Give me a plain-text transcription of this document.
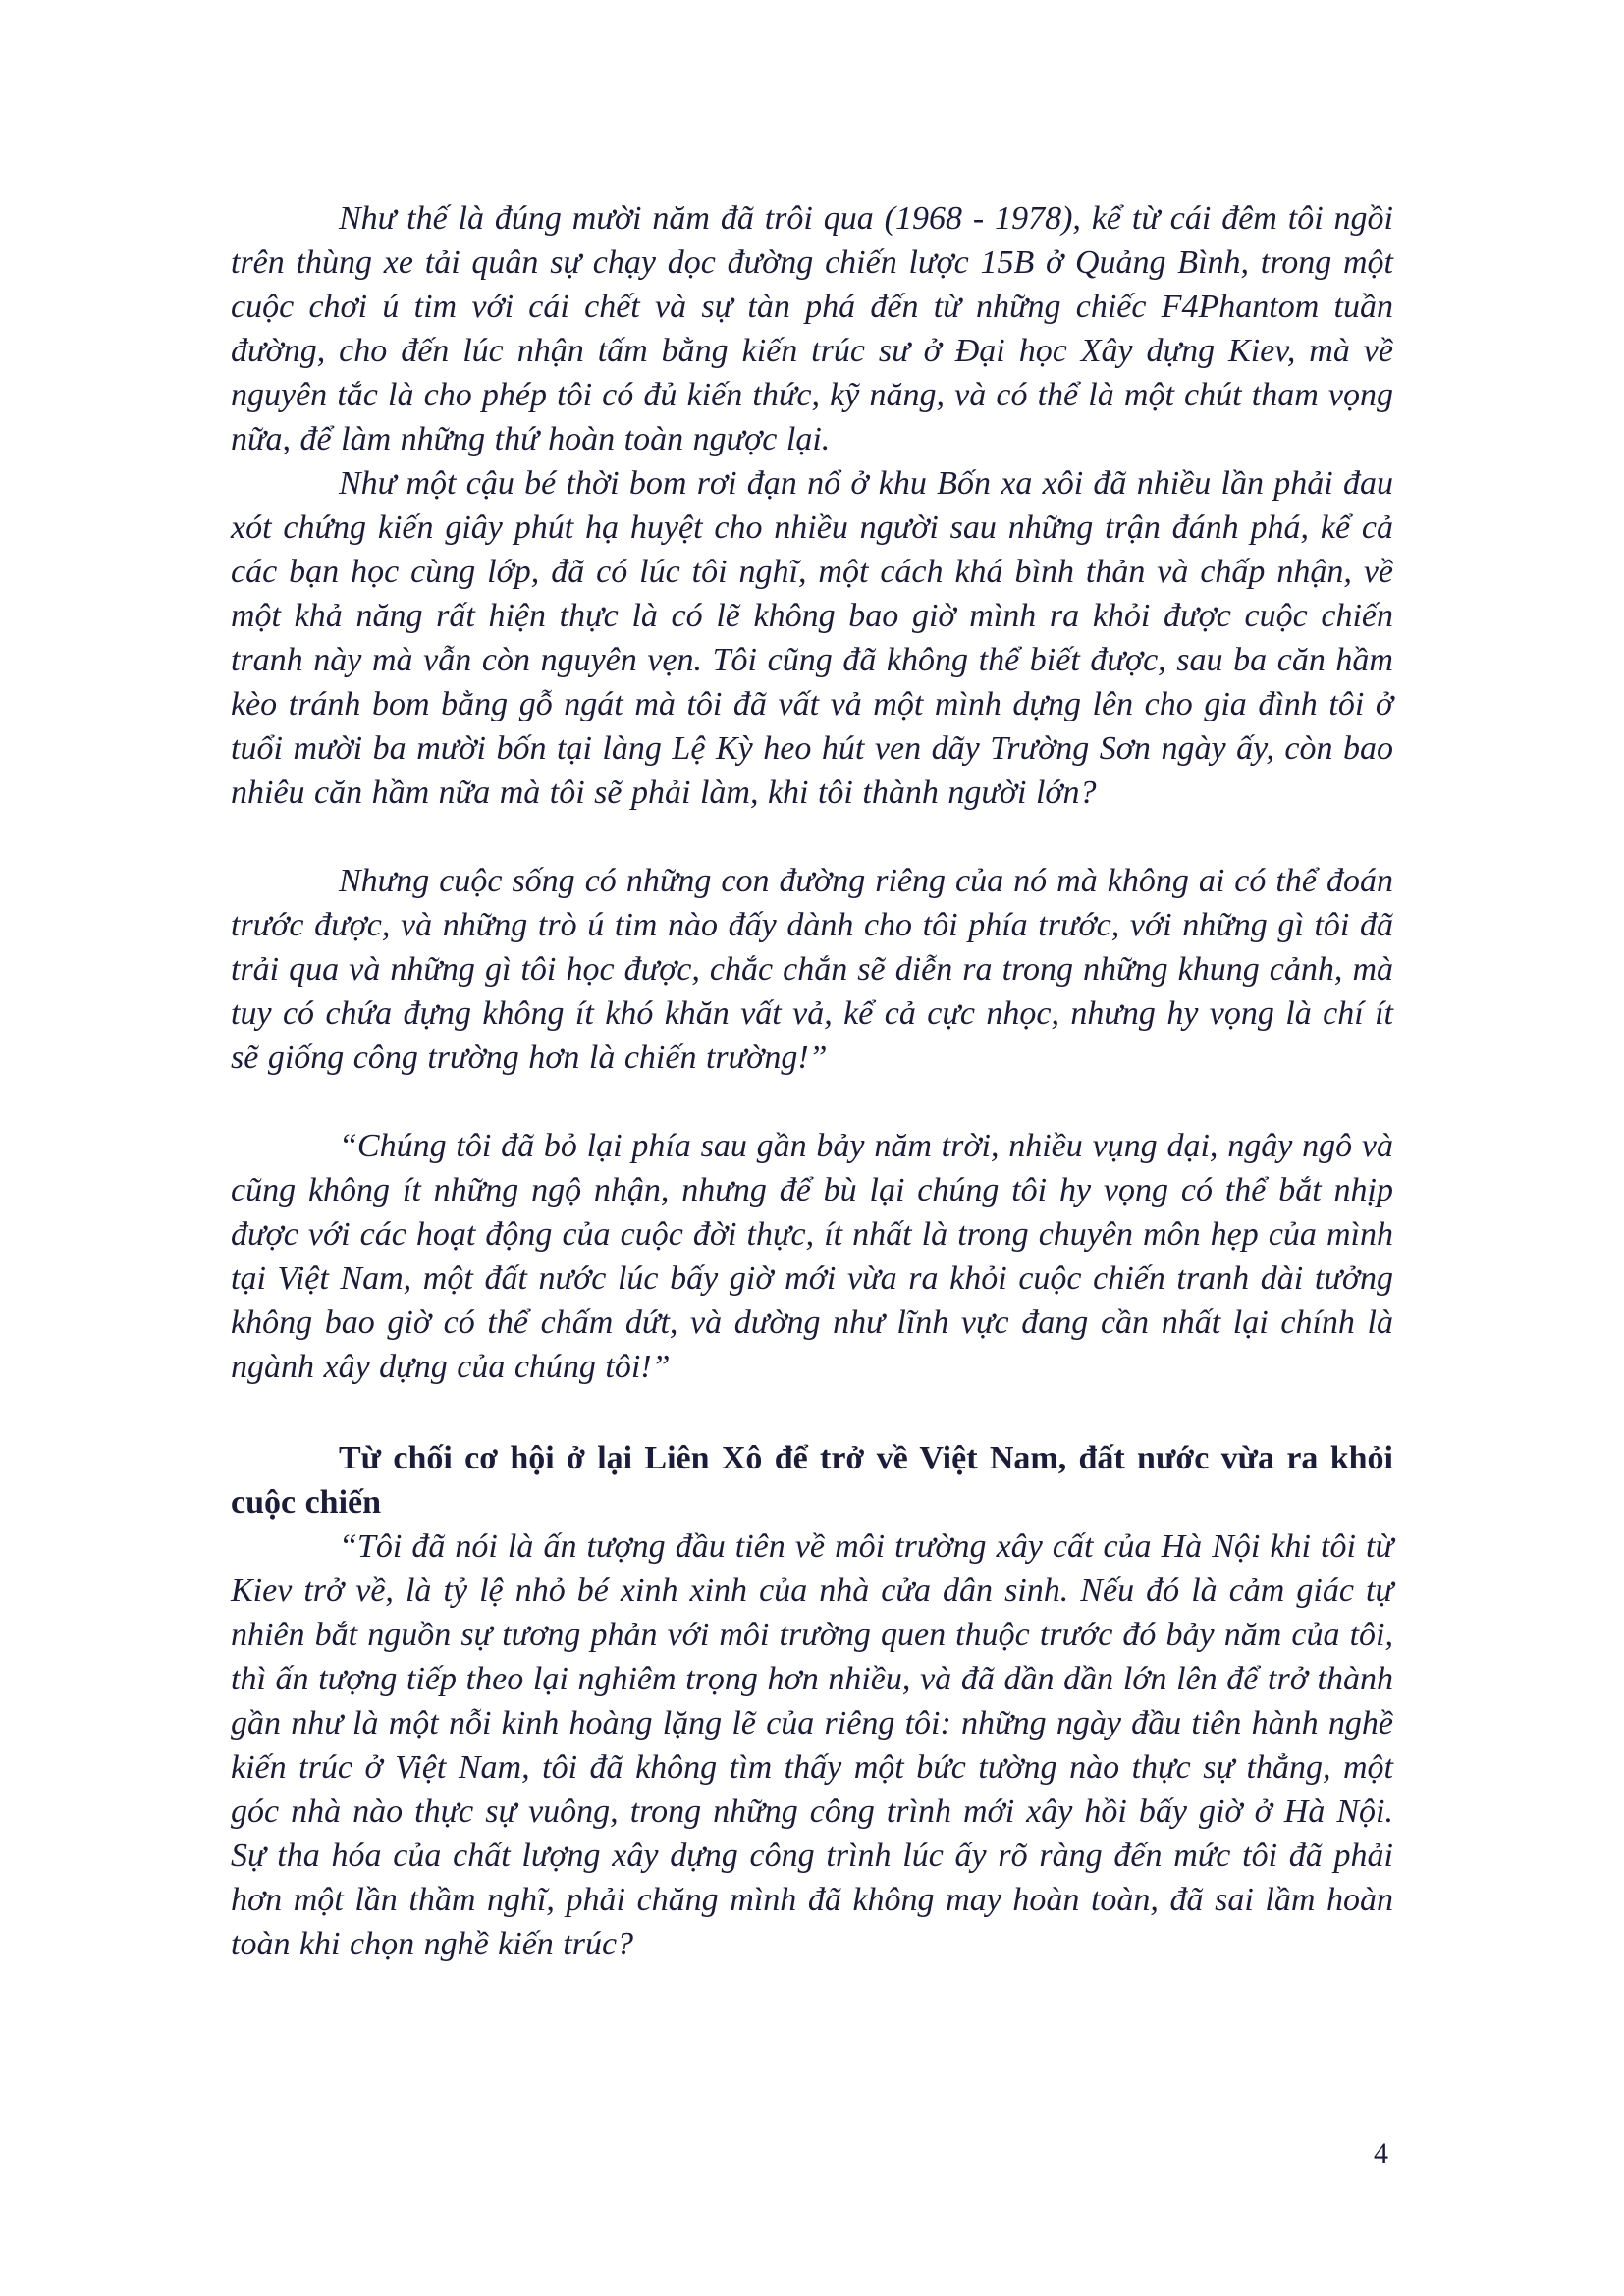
Như thế là đúng mười năm đã trôi qua (1968 - 1978), kể từ cái đêm tôi ngồi trên thùng xe tải quân sự chạy dọc đường chiến lược 15B ở Quảng Bình, trong một cuộc chơi ú tim với cái chết và sự tàn phá đến từ những chiếc F4Phantom tuần đường, cho đến lúc nhận tấm bằng kiến trúc sư ở Đại học Xây dựng Kiev, mà về nguyên tắc là cho phép tôi có đủ kiến thức, kỹ năng, và có thể là một chút tham vọng nữa, để làm những thứ hoàn toàn ngược lại.

Như một cậu bé thời bom rơi đạn nổ ở khu Bốn xa xôi đã nhiều lần phải đau xót chứng kiến giây phút hạ huyệt cho nhiều người sau những trận đánh phá, kể cả các bạn học cùng lớp, đã có lúc tôi nghĩ, một cách khá bình thản và chấp nhận, về một khả năng rất hiện thực là có lẽ không bao giờ mình ra khỏi được cuộc chiến tranh này mà vẫn còn nguyên vẹn. Tôi cũng đã không thể biết được, sau ba căn hầm kèo tránh bom bằng gỗ ngát mà tôi đã vất vả một mình dựng lên cho gia đình tôi ở tuổi mười ba mười bốn tại làng Lệ Kỳ heo hút ven dãy Trường Sơn ngày ấy, còn bao nhiêu căn hầm nữa mà tôi sẽ phải làm, khi tôi thành người lớn?

Nhưng cuộc sống có những con đường riêng của nó mà không ai có thể đoán trước được, và những trò ú tim nào đấy dành cho tôi phía trước, với những gì tôi đã trải qua và những gì tôi học được, chắc chắn sẽ diễn ra trong những khung cảnh, mà tuy có chứa đựng không ít khó khăn vất vả, kể cả cực nhọc, nhưng hy vọng là chí ít sẽ giống công trường hơn là chiến trường!”

“Chúng tôi đã bỏ lại phía sau gần bảy năm trời, nhiều vụng dại, ngây ngô và cũng không ít những ngộ nhận, nhưng để bù lại chúng tôi hy vọng có thể bắt nhịp được với các hoạt động của cuộc đời thực, ít nhất là trong chuyên môn hẹp của mình tại Việt Nam, một đất nước lúc bấy giờ mới vừa ra khỏi cuộc chiến tranh dài tưởng không bao giờ có thể chấm dứt, và dường như lĩnh vực đang cần nhất lại chính là ngành xây dựng của chúng tôi!”

Từ chối cơ hội ở lại Liên Xô để trở về Việt Nam, đất nước vừa ra khỏi cuộc chiến

“Tôi đã nói là ấn tượng đầu tiên về môi trường xây cất của Hà Nội khi tôi từ Kiev trở về, là tỷ lệ nhỏ bé xinh xinh của nhà cửa dân sinh. Nếu đó là cảm giác tự nhiên bắt nguồn sự tương phản với môi trường quen thuộc trước đó bảy năm của tôi, thì ấn tượng tiếp theo lại nghiêm trọng hơn nhiều, và đã dần dần lớn lên để trở thành gần như là một nỗi kinh hoàng lặng lẽ của riêng tôi: những ngày đầu tiên hành nghề kiến trúc ở Việt Nam, tôi đã không tìm thấy một bức tường nào thực sự thẳng, một góc nhà nào thực sự vuông, trong những công trình mới xây hồi bấy giờ ở Hà Nội. Sự tha hóa của chất lượng xây dựng công trình lúc ấy rõ ràng đến mức tôi đã phải hơn một lần thầm nghĩ, phải chăng mình đã không may hoàn toàn, đã sai lầm hoàn toàn khi chọn nghề kiến trúc?

4
